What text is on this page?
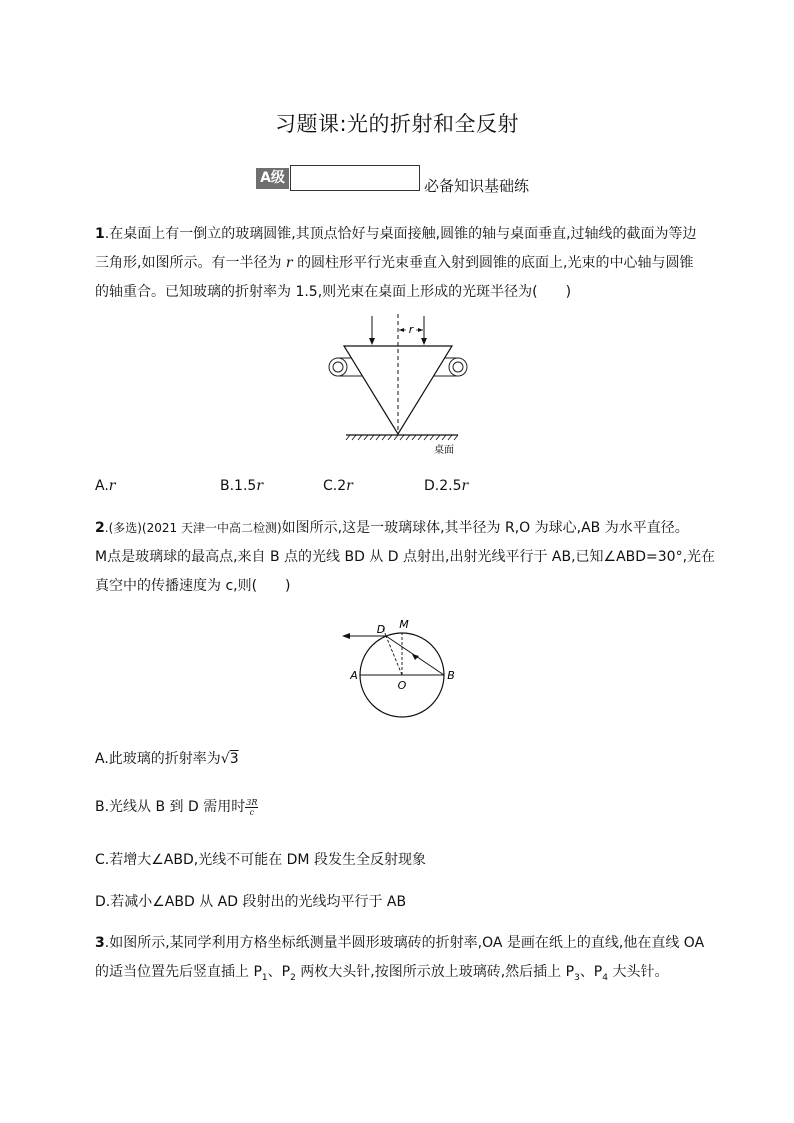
习题课:光的折射和全反射
A级	必备知识基础练
1.在桌面上有一倒立的玻璃圆锥,其顶点恰好与桌面接触,圆锥的轴与桌面垂直,过轴线的截面为等边
三角形,如图所示。有一半径为 r 的圆柱形平行光束垂直入射到圆锥的底面上,光束的中心轴与圆锥
的轴重合。已知玻璃的折射率为 1.5,则光束在桌面上形成的光斑半径为(　　)
r
桌面
A.r	B.1.5r	C.2r	D.2.5r
2.(多选)(2021 天津一中高二检测)如图所示,这是一玻璃球体,其半径为 R,O 为球心,AB 为水平直径。
M点是玻璃球的最高点,来自 B 点的光线 BD 从 D 点射出,出射光线平行于 AB,已知∠ABD=30°,光在
真空中的传播速度为 c,则(　　)
D M
A
O
B
A.此玻璃的折射率为√3
B.光线从 B 到 D 需用时 $\frac{3R}{c}$
C.若增大∠ABD,光线不可能在 DM 段发生全反射现象
D.若减小∠ABD 从 AD 段射出的光线均平行于 AB
3.如图所示,某同学利用方格坐标纸测量半圆形玻璃砖的折射率,OA 是画在纸上的直线,他在直线 OA
的适当位置先后竖直插上 $P_1$、$P_2$ 两枚大头针,按图所示放上玻璃砖,然后插上 $P_3$、$P_4$ 大头针。
